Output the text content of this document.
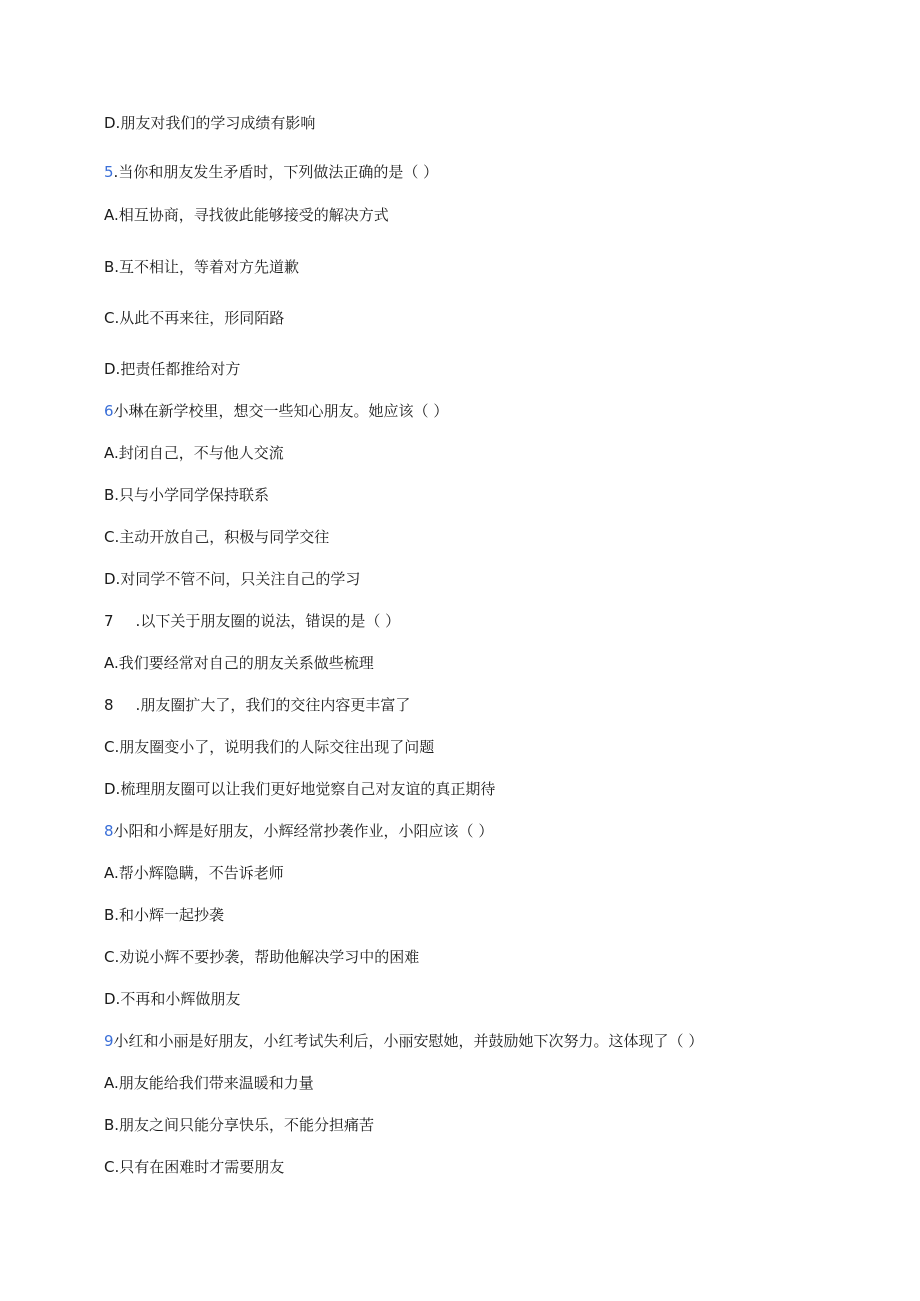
D.朋友对我们的学习成绩有影响
5.当你和朋友发生矛盾时，下列做法正确的是（ ）
A.相互协商，寻找彼此能够接受的解决方式
B.互不相让，等着对方先道歉
C.从此不再来往，形同陌路
D.把责任都推给对方
6小琳在新学校里，想交一些知心朋友。她应该（ ）
A.封闭自己，不与他人交流
B.只与小学同学保持联系
C.主动开放自己，积极与同学交往
D.对同学不管不问，只关注自己的学习
7 .以下关于朋友圈的说法，错误的是（ ）
A.我们要经常对自己的朋友关系做些梳理
8 .朋友圈扩大了，我们的交往内容更丰富了
C.朋友圈变小了，说明我们的人际交往出现了问题
D.梳理朋友圈可以让我们更好地觉察自己对友谊的真正期待
8小阳和小辉是好朋友，小辉经常抄袭作业，小阳应该（ ）
A.帮小辉隐瞒，不告诉老师
B.和小辉一起抄袭
C.劝说小辉不要抄袭，帮助他解决学习中的困难
D.不再和小辉做朋友
9小红和小丽是好朋友，小红考试失利后，小丽安慰她，并鼓励她下次努力。这体现了（ ）
A.朋友能给我们带来温暖和力量
B.朋友之间只能分享快乐，不能分担痛苦
C.只有在困难时才需要朋友
